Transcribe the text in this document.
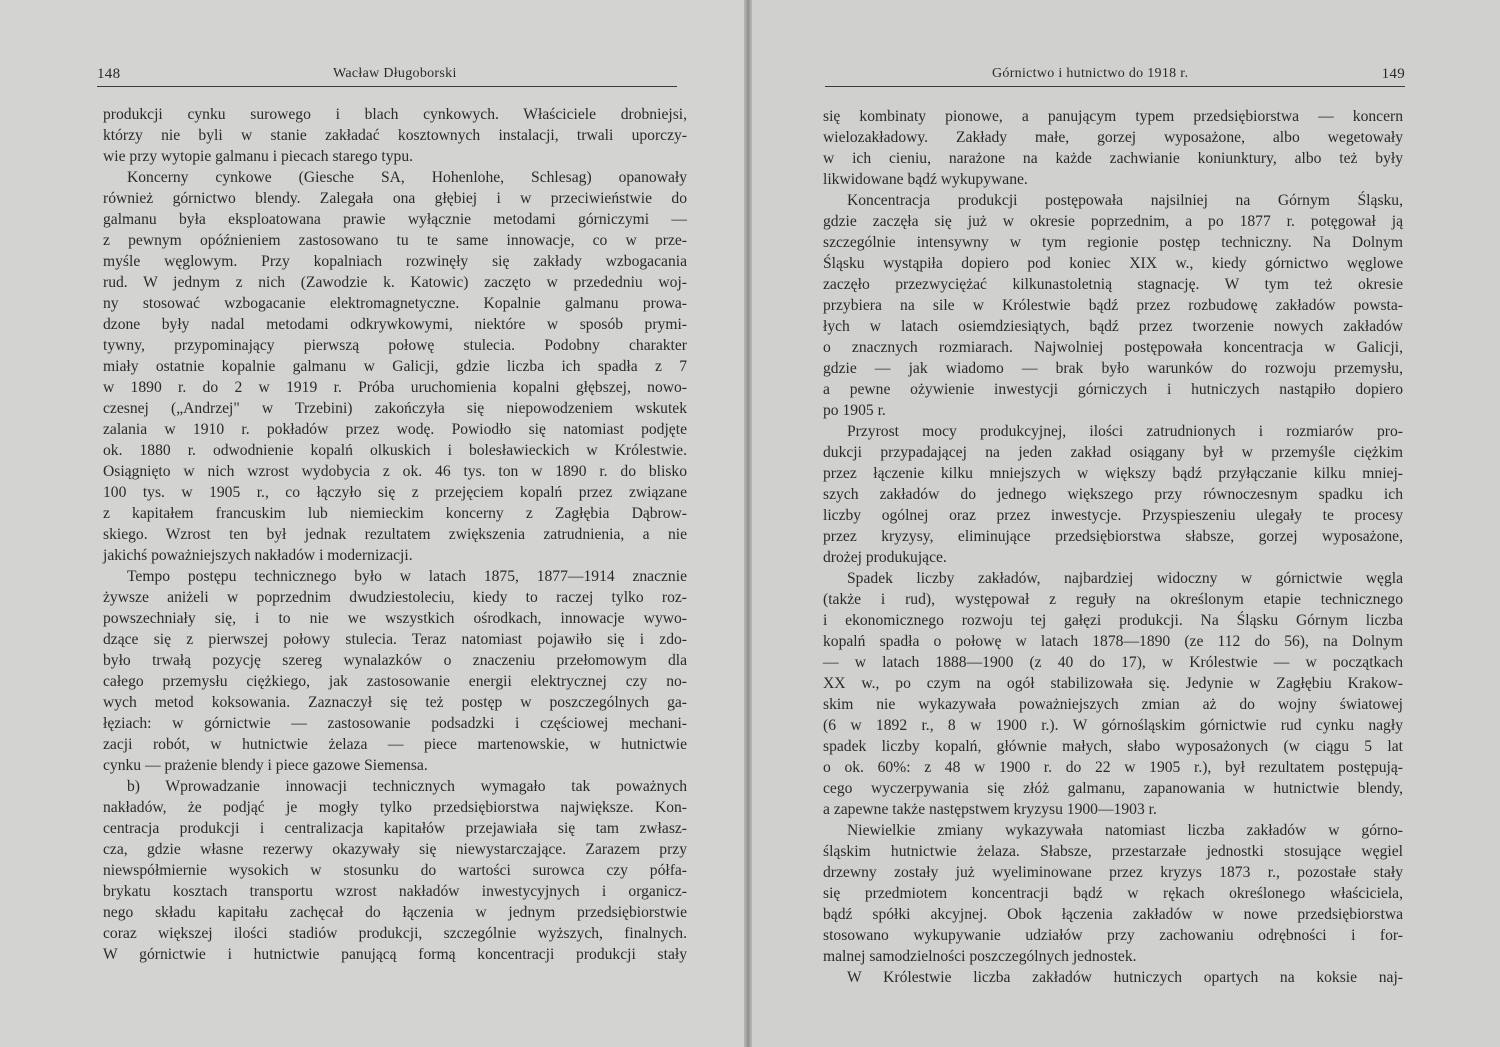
148	Wacław Długoborski
produkcji cynku surowego i blach cynkowych. Właściciele drobniejsi,
którzy nie byli w stanie zakładać kosztownych instalacji, trwali uporczy-
wie przy wytopie galmanu i piecach starego typu.
Koncerny cynkowe (Giesche SA, Hohenlohe, Schlesag) opanowały
również górnictwo blendy. Zalegała ona głębiej i w przeciwieństwie do
galmanu była eksploatowana prawie wyłącznie metodami górniczymi —
z pewnym opóźnieniem zastosowano tu te same innowacje, co w prze-
myśle węglowym. Przy kopalniach rozwinęły się zakłady wzbogacania
rud. W jednym z nich (Zawodzie k. Katowic) zaczęto w przededniu woj-
ny stosować wzbogacanie elektromagnetyczne. Kopalnie galmanu prowa-
dzone były nadal metodami odkrywkowymi, niektóre w sposób prymi-
tywny, przypominający pierwszą połowę stulecia. Podobny charakter
miały ostatnie kopalnie galmanu w Galicji, gdzie liczba ich spadła z 7
w 1890 r. do 2 w 1919 r. Próba uruchomienia kopalni głębszej, nowo-
czesnej („Andrzej" w Trzebini) zakończyła się niepowodzeniem wskutek
zalania w 1910 r. pokładów przez wodę. Powiodło się natomiast podjęte
ok. 1880 r. odwodnienie kopalń olkuskich i bolesławieckich w Królestwie.
Osiągnięto w nich wzrost wydobycia z ok. 46 tys. ton w 1890 r. do blisko
100 tys. w 1905 r., co łączyło się z przejęciem kopalń przez związane
z kapitałem francuskim lub niemieckim koncerny z Zagłębia Dąbrow-
skiego. Wzrost ten był jednak rezultatem zwiększenia zatrudnienia, a nie
jakichś poważniejszych nakładów i modernizacji.
Tempo postępu technicznego było w latach 1875, 1877—1914 znacznie
żywsze aniżeli w poprzednim dwudziestoleciu, kiedy to raczej tylko roz-
powszechniały się, i to nie we wszystkich ośrodkach, innowacje wywo-
dzące się z pierwszej połowy stulecia. Teraz natomiast pojawiło się i zdo-
było trwałą pozycję szereg wynalazków o znaczeniu przełomowym dla
całego przemysłu ciężkiego, jak zastosowanie energii elektrycznej czy no-
wych metod koksowania. Zaznaczył się też postęp w poszczególnych ga-
łęziach: w górnictwie — zastosowanie podsadzki i częściowej mechani-
zacji robót, w hutnictwie żelaza — piece martenowskie, w hutnictwie
cynku — prażenie blendy i piece gazowe Siemensa.
b) Wprowadzanie innowacji technicznych wymagało tak poważnych
nakładów, że podjąć je mogły tylko przedsiębiorstwa największe. Kon-
centracja produkcji i centralizacja kapitałów przejawiała się tam zwłasz-
cza, gdzie własne rezerwy okazywały się niewystarczające. Zarazem przy
niewspółmiernie wysokich w stosunku do wartości surowca czy półfa-
brykatu kosztach transportu wzrost nakładów inwestycyjnych i organicz-
nego składu kapitału zachęcał do łączenia w jednym przedsiębiorstwie
coraz większej ilości stadiów produkcji, szczególnie wyższych, finalnych.
W górnictwie i hutnictwie panującą formą koncentracji produkcji stały
149
Górnictwo i hutnictwo do 1918 r.
się kombinaty pionowe, a panującym typem przedsiębiorstwa — koncern
wielozakładowy. Zakłady małe, gorzej wyposażone, albo wegetowały
w ich cieniu, narażone na każde zachwianie koniunktury, albo też były
likwidowane bądź wykupywane.
Koncentracja produkcji postępowała najsilniej na Górnym Śląsku,
gdzie zaczęła się już w okresie poprzednim, a po 1877 r. potęgował ją
szczególnie intensywny w tym regionie postęp techniczny. Na Dolnym
Śląsku wystąpiła dopiero pod koniec XIX w., kiedy górnictwo węglowe
zaczęło przezwyciężać kilkunastoletnią stagnację. W tym też okresie
przybiera na sile w Królestwie bądź przez rozbudowę zakładów powsta-
łych w latach osiemdziesiątych, bądź przez tworzenie nowych zakładów
o znacznych rozmiarach. Najwolniej postępowała koncentracja w Galicji,
gdzie — jak wiadomo — brak było warunków do rozwoju przemysłu,
a pewne ożywienie inwestycji górniczych i hutniczych nastąpiło dopiero
po 1905 r.
Przyrost mocy produkcyjnej, ilości zatrudnionych i rozmiarów pro-
dukcji przypadającej na jeden zakład osiągany był w przemyśle ciężkim
przez łączenie kilku mniejszych w większy bądź przyłączanie kilku mniej-
szych zakładów do jednego większego przy równoczesnym spadku ich
liczby ogólnej oraz przez inwestycje. Przyspieszeniu ulegały te procesy
przez kryzysy, eliminujące przedsiębiorstwa słabsze, gorzej wyposażone,
drożej produkujące.
Spadek liczby zakładów, najbardziej widoczny w górnictwie węgla
(także i rud), występował z reguły na określonym etapie technicznego
i ekonomicznego rozwoju tej gałęzi produkcji. Na Śląsku Górnym liczba
kopalń spadła o połowę w latach 1878—1890 (ze 112 do 56), na Dolnym
— w latach 1888—1900 (z 40 do 17), w Królestwie — w początkach
XX w., po czym na ogół stabilizowała się. Jedynie w Zagłębiu Krakow-
skim nie wykazywała poważniejszych zmian aż do wojny światowej
(6 w 1892 r., 8 w 1900 r.). W górnośląskim górnictwie rud cynku nagły
spadek liczby kopalń, głównie małych, słabo wyposażonych (w ciągu 5 lat
o ok. 60%: z 48 w 1900 r. do 22 w 1905 r.), był rezultatem postępują-
cego wyczerpywania się złóż galmanu, zapanowania w hutnictwie blendy,
a zapewne także następstwem kryzysu 1900—1903 r.
Niewielkie zmiany wykazywała natomiast liczba zakładów w górno-
śląskim hutnictwie żelaza. Słabsze, przestarzałe jednostki stosujące węgiel
drzewny zostały już wyeliminowane przez kryzys 1873 r., pozostałe stały
się przedmiotem koncentracji bądź w rękach określonego właściciela,
bądź spółki akcyjnej. Obok łączenia zakładów w nowe przedsiębiorstwa
stosowano wykupywanie udziałów przy zachowaniu odrębności i for-
malnej samodzielności poszczególnych jednostek.
W Królestwie liczba zakładów hutniczych opartych na koksie naj-
